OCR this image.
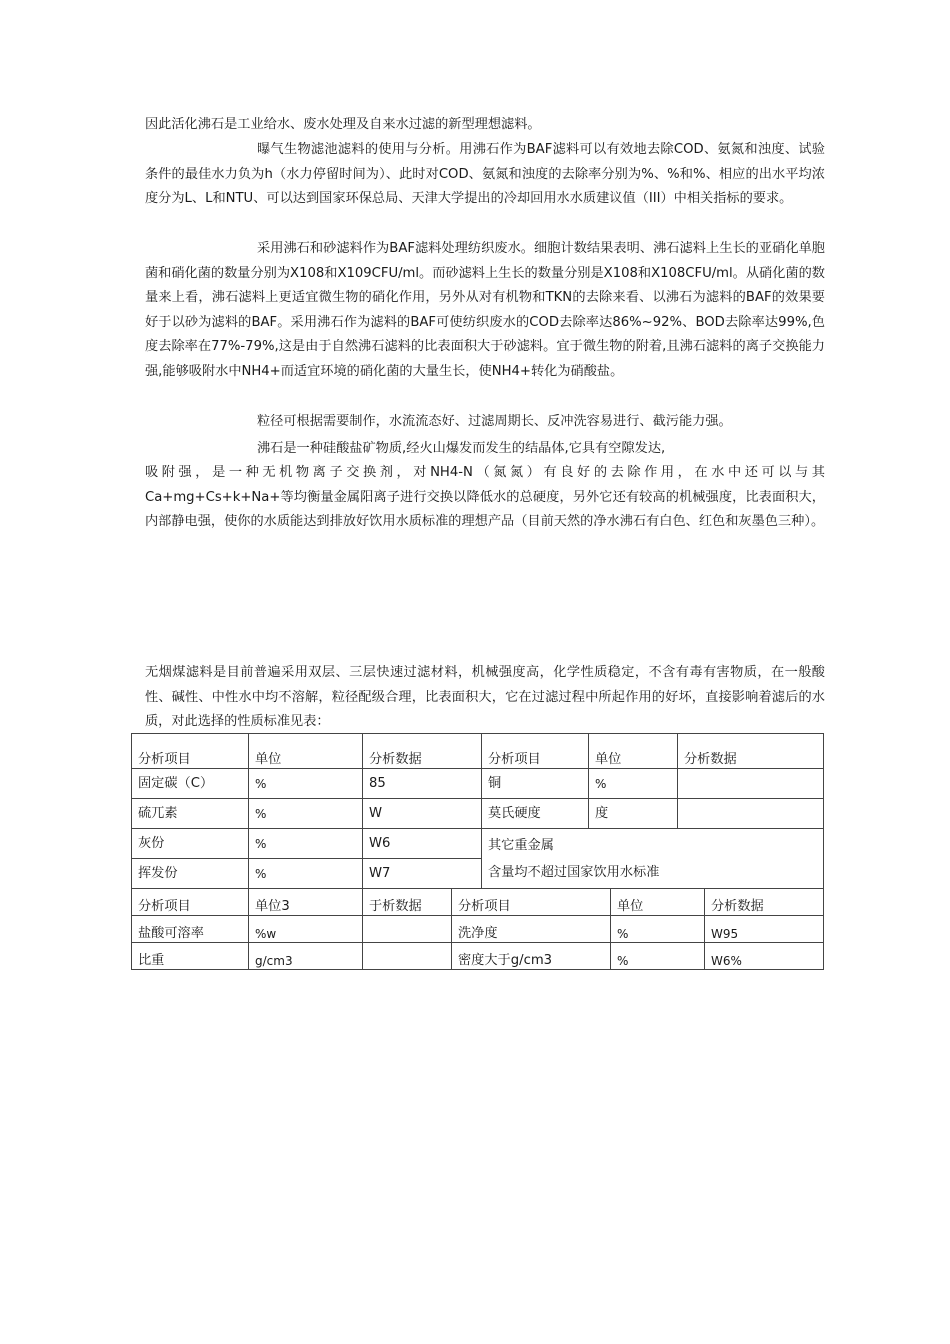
因此活化沸石是工业给水、废水处理及自来水过滤的新型理想滤料。

曝气生物滤池滤料的使用与分析。用沸石作为BAF滤料可以有效地去除COD、氨氮和浊度、试验条件的最佳水力负为h（水力停留时间为）、此时对COD、氨氮和浊度的去除率分别为%、%和%、相应的出水平均浓度分为L、L和NTU、可以达到国家环保总局、天津大学提出的冷却回用水水质建议值（III）中相关指标的要求。

采用沸石和砂滤料作为BAF滤料处理纺织废水。细胞计数结果表明、沸石滤料上生长的亚硝化单胞菌和硝化菌的数量分别为X108和X109CFU/ml。而砂滤料上生长的数量分别是X108和X108CFU/ml。从硝化菌的数量来上看，沸石滤料上更适宜微生物的硝化作用，另外从对有机物和TKN的去除来看、以沸石为滤料的BAF的效果要好于以砂为滤料的BAF。采用沸石作为滤料的BAF可使纺织废水的COD去除率达86%~92%、BOD去除率达99%,色度去除率在77%-79%,这是由于自然沸石滤料的比表面积大于砂滤料。宜于微生物的附着,且沸石滤料的离子交换能力强,能够吸附水中NH4+而适宜环境的硝化菌的大量生长，使NH4+转化为硝酸盐。

粒径可根据需要制作，水流流态好、过滤周期长、反冲洗容易进行、截污能力强。

沸石是一种硅酸盐矿物质,经火山爆发而发生的结晶体,它具有空隙发达,

吸附强，是一种无机物离子交换剂，对NH4-N（氮氮）有良好的去除作用，在水中还可以与其Ca+mg+Cs+k+Na+等均衡量金属阳离子进行交换以降低水的总硬度，另外它还有较高的机械强度，比表面积大，内部静电强，使你的水质能达到排放好饮用水质标准的理想产品（目前天然的净水沸石有白色、红色和灰墨色三种）。

无烟煤滤料是目前普遍采用双层、三层快速过滤材料，机械强度高，化学性质稳定，不含有毒有害物质，在一般酸性、碱性、中性水中均不溶解，粒径配级合理，比表面积大，它在过滤过程中所起作用的好坏，直接影响着滤后的水质，对此选择的性质标准见表：

分析项目	单位	分析数据	分析项目	单位	分析数据
固定碳（C）	%	85	铜	%	
硫兀素	%	W	莫氏硬度	度	
灰份	%	W6	其它重金属
含量均不超过国家饮用水标准		

挥发份	%	W7			
分析项目	单位3	于析数据	分析项目	单位	分析数据
盐酸可溶率	%w		洗净度	%	W95
比重	g/cm3		密度大于g/cm3	%	W6%
